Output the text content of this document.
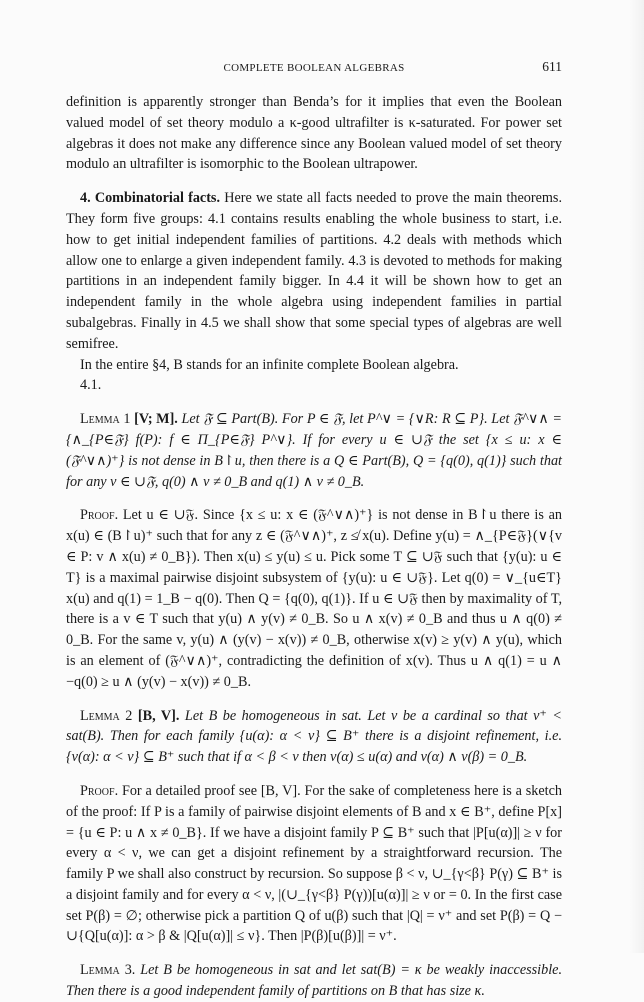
COMPLETE BOOLEAN ALGEBRAS	611

definition is apparently stronger than Benda’s for it implies that even the Boolean valued model of set theory modulo a κ-good ultrafilter is κ-saturated. For power set algebras it does not make any difference since any Boolean valued model of set theory modulo an ultrafilter is isomorphic to the Boolean ultrapower.

4. Combinatorial facts. Here we state all facts needed to prove the main theorems. They form five groups: 4.1 contains results enabling the whole business to start, i.e. how to get initial independent families of partitions. 4.2 deals with methods which allow one to enlarge a given independent family. 4.3 is devoted to methods for making partitions in an independent family bigger. In 4.4 it will be shown how to get an independent family in the whole algebra using independent families in partial subalgebras. Finally in 4.5 we shall show that some special types of algebras are well semifree.

In the entire §4, B stands for an infinite complete Boolean algebra.

4.1.

Lemma 1 [V; M]. Let 𝔉 ⊆ Part(B). For P ∈ 𝔉, let P^∨ = {∨R: R ⊆ P}. Let 𝔉^∨∧ = {∧_{P∈𝔉} f(P): f ∈ Π_{P∈𝔉} P^∨}. If for every u ∈ ∪𝔉 the set {x ≤ u: x ∈ (𝔉^∨∧)⁺} is not dense in B↾u, then there is a Q ∈ Part(B), Q = {q(0), q(1)} such that for any v ∈ ∪𝔉, q(0) ∧ v ≠ 0_B and q(1) ∧ v ≠ 0_B.

Proof. Let u ∈ ∪𝔉. Since {x ≤ u: x ∈ (𝔉^∨∧)⁺} is not dense in B↾u there is an x(u) ∈ (B↾u)⁺ such that for any z ∈ (𝔉^∨∧)⁺, z ≰ x(u). Define y(u) = ∧_{P∈𝔉}(∨{v ∈ P: v ∧ x(u) ≠ 0_B}). Then x(u) ≤ y(u) ≤ u. Pick some T ⊆ ∪𝔉 such that {y(u): u ∈ T} is a maximal pairwise disjoint subsystem of {y(u): u ∈ ∪𝔉}. Let q(0) = ∨_{u∈T} x(u) and q(1) = 1_B − q(0). Then Q = {q(0), q(1)}. If u ∈ ∪𝔉 then by maximality of T, there is a v ∈ T such that y(u) ∧ y(v) ≠ 0_B. So u ∧ x(v) ≠ 0_B and thus u ∧ q(0) ≠ 0_B. For the same v, y(u) ∧ (y(v) − x(v)) ≠ 0_B, otherwise x(v) ≥ y(v) ∧ y(u), which is an element of (𝔉^∨∧)⁺, contradicting the definition of x(v). Thus u ∧ q(1) = u ∧ −q(0) ≥ u ∧ (y(v) − x(v)) ≠ 0_B.

Lemma 2 [B, V]. Let B be homogeneous in sat. Let ν be a cardinal so that ν⁺ < sat(B). Then for each family {u(α): α < ν} ⊆ B⁺ there is a disjoint refinement, i.e. {v(α): α < ν} ⊆ B⁺ such that if α < β < ν then v(α) ≤ u(α) and v(α) ∧ v(β) = 0_B.

Proof. For a detailed proof see [B, V]. For the sake of completeness here is a sketch of the proof: If P is a family of pairwise disjoint elements of B and x ∈ B⁺, define P[x] = {u ∈ P: u ∧ x ≠ 0_B}. If we have a disjoint family P ⊆ B⁺ such that |P[u(α)]| ≥ ν for every α < ν, we can get a disjoint refinement by a straightforward recursion. The family P we shall also construct by recursion. So suppose β < ν, ∪_{γ<β} P(γ) ⊆ B⁺ is a disjoint family and for every α < ν, |(∪_{γ<β} P(γ))[u(α)]| ≥ ν or = 0. In the first case set P(β) = ∅; otherwise pick a partition Q of u(β) such that |Q| = ν⁺ and set P(β) = Q − ∪{Q[u(α)]: α > β & |Q[u(α)]| ≤ ν}. Then |P(β)[u(β)]| = ν⁺.

Lemma 3. Let B be homogeneous in sat and let sat(B) = κ be weakly inaccessible. Then there is a good independent family of partitions on B that has size κ.
